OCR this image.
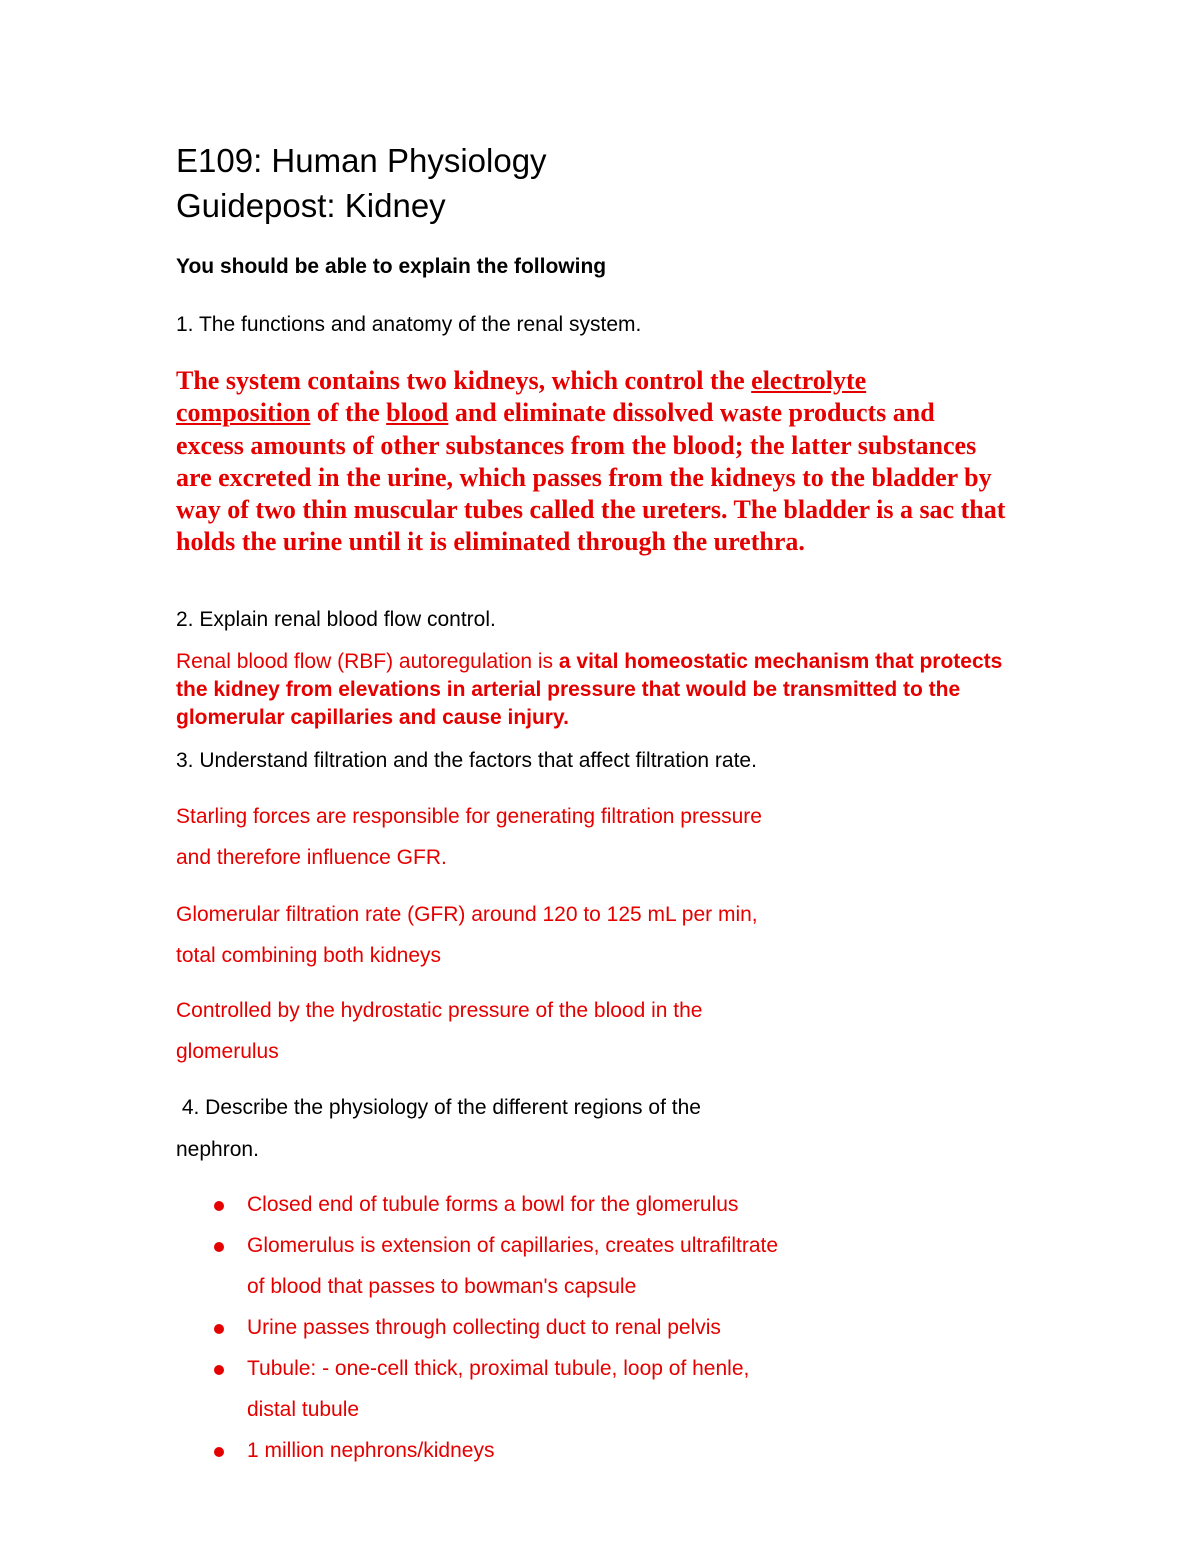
E109: Human Physiology
Guidepost: Kidney

You should be able to explain the following

1. The functions and anatomy of the renal system.

The system contains two kidneys, which control the electrolyte composition of the blood and eliminate dissolved waste products and excess amounts of other substances from the blood; the latter substances are excreted in the urine, which passes from the kidneys to the bladder by way of two thin muscular tubes called the ureters. The bladder is a sac that holds the urine until it is eliminated through the urethra.

2. Explain renal blood flow control.

Renal blood flow (RBF) autoregulation is a vital homeostatic mechanism that protects the kidney from elevations in arterial pressure that would be transmitted to the glomerular capillaries and cause injury.

3. Understand filtration and the factors that affect filtration rate.

Starling forces are responsible for generating filtration pressure
and therefore influence GFR.
Glomerular filtration rate (GFR) around 120 to 125 mL per min,
total combining both kidneys
Controlled by the hydrostatic pressure of the blood in the
glomerulus
4. Describe the physiology of the different regions of the
nephron.
Closed end of tubule forms a bowl for the glomerulus
Glomerulus is extension of capillaries, creates ultrafiltrate
of blood that passes to bowman's capsule
Urine passes through collecting duct to renal pelvis
Tubule: - one-cell thick, proximal tubule, loop of henle,
distal tubule
1 million nephrons/kidneys
